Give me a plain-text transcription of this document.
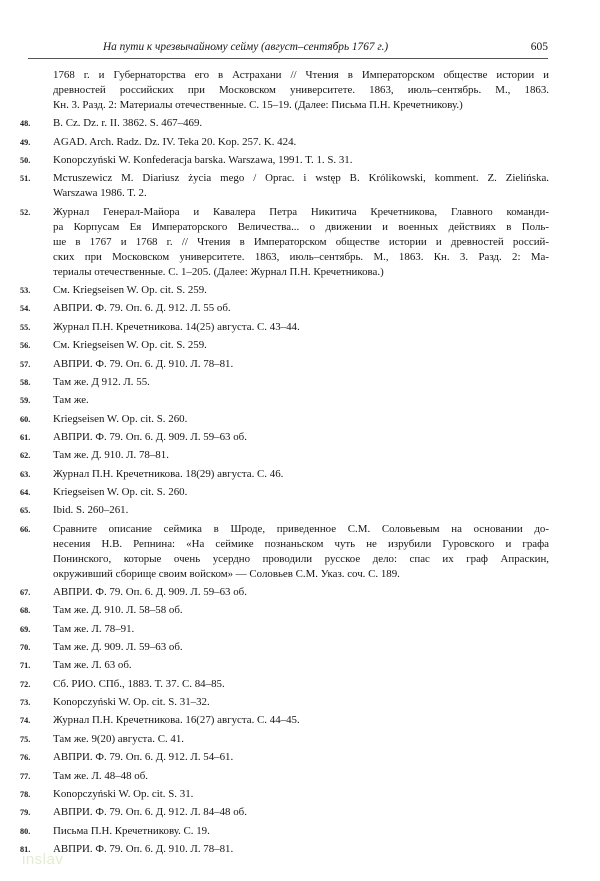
На пути к чрезвычайному сейму (август–сентябрь 1767 г.)	605
1768 г. и Губернаторства его в Астрахани // Чтения в Императорском обществе истории и
древностей российских при Московском университете. 1863, июль–сентябрь. М., 1863.
Кн. 3. Разд. 2: Материалы отечественные. С. 15–19. (Далее: Письма П.Н. Кречетникову.)
48.	B. Cz. Dz. r. II. 3862. S. 467–469.
49.	AGAD. Arch. Radz. Dz. IV. Teka 20. Kop. 257. K. 424.
50.	Konopczyński W. Konfederacja barska. Warszawa, 1991. T. 1. S. 31.
51.	Mcтuszewicz M. Diariusz życia mego / Oprac. i wstęp B. Królikowski, komment. Z. Zielińska.
Warszawa 1986. T. 2.
52.	Журнал Генерал-Майора и Кавалера Петра Никитича Кречетникова, Главного команди-
ра Корпусам Ея Императорского Величества... о движении и военных действиях в Поль-
ше в 1767 и 1768 г. // Чтения в Императорском обществе истории и древностей россий-
ских при Московском университете. 1863, июль–сентябрь. М., 1863. Кн. 3. Разд. 2: Ма-
териалы отечественные. С. 1–205. (Далее: Журнал П.Н. Кречетникова.)
53.	См. Kriegseisen W. Op. cit. S. 259.
54.	АВПРИ. Ф. 79. Оп. 6. Д. 912. Л. 55 об.
55.	Журнал П.Н. Кречетникова. 14(25) августа. С. 43–44.
56.	См. Kriegseisen W. Op. cit. S. 259.
57.	АВПРИ. Ф. 79. Оп. 6. Д. 910. Л. 78–81.
58.	Там же. Д 912. Л. 55.
59.	Там же.
60.	Kriegseisen W. Op. cit. S. 260.
61.	АВПРИ. Ф. 79. Оп. 6. Д. 909. Л. 59–63 об.
62.	Там же. Д. 910. Л. 78–81.
63.	Журнал П.Н. Кречетникова. 18(29) августа. С. 46.
64.	Kriegseisen W. Op. cit. S. 260.
65.	Ibid. S. 260–261.
66.	Сравните описание сеймика в Шроде, приведенное С.М. Соловьевым на основании до-
несения Н.В. Репнина: «На сеймике познаньском чуть не изрубили Гуровского и графа
Понинского, которые очень усердно проводили русское дело: спас их граф Апраскин,
окруживший сборище своим войском» — Соловьев С.М. Указ. соч. С. 189.
67.	АВПРИ. Ф. 79. Оп. 6. Д. 909. Л. 59–63 об.
68.	Там же. Д. 910. Л. 58–58 об.
69.	Там же. Л. 78–91.
70.	Там же. Д. 909. Л. 59–63 об.
71.	Там же. Л. 63 об.
72.	Сб. РИО. СПб., 1883. Т. 37. С. 84–85.
73.	Konopczyński W. Op. cit. S. 31–32.
74.	Журнал П.Н. Кречетникова. 16(27) августа. С. 44–45.
75.	Там же. 9(20) августа. С. 41.
76.	АВПРИ. Ф. 79. Оп. 6. Д. 912. Л. 54–61.
77.	Там же. Л. 48–48 об.
78.	Konopczyński W. Op. cit. S. 31.
79.	АВПРИ. Ф. 79. Оп. 6. Д. 912. Л. 84–48 об.
80.	Письма П.Н. Кречетникову. С. 19.
81.	АВПРИ. Ф. 79. Оп. 6. Д. 910. Л. 78–81.
inslav
